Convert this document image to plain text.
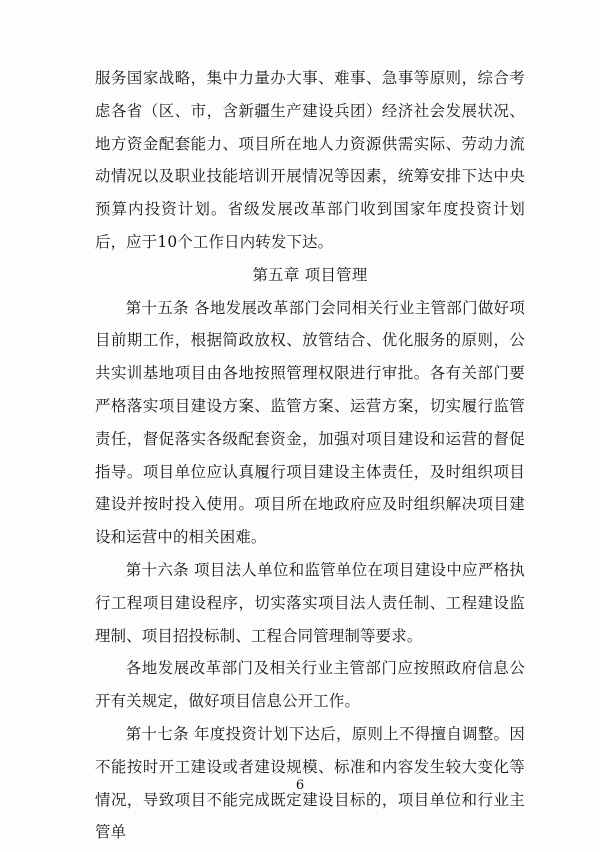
服务国家战略，集中力量办大事、难事、急事等原则，综合考虑各省（区、市，含新疆生产建设兵团）经济社会发展状况、地方资金配套能力、项目所在地人力资源供需实际、劳动力流动情况以及职业技能培训开展情况等因素，统筹安排下达中央预算内投资计划。省级发展改革部门收到国家年度投资计划后，应于10个工作日内转发下达。

第五章 项目管理

第十五条 各地发展改革部门会同相关行业主管部门做好项目前期工作，根据简政放权、放管结合、优化服务的原则，公共实训基地项目由各地按照管理权限进行审批。各有关部门要严格落实项目建设方案、监管方案、运营方案，切实履行监管责任，督促落实各级配套资金，加强对项目建设和运营的督促指导。项目单位应认真履行项目建设主体责任，及时组织项目建设并按时投入使用。项目所在地政府应及时组织解决项目建设和运营中的相关困难。

第十六条 项目法人单位和监管单位在项目建设中应严格执行工程项目建设程序，切实落实项目法人责任制、工程建设监理制、项目招投标制、工程合同管理制等要求。

各地发展改革部门及相关行业主管部门应按照政府信息公开有关规定，做好项目信息公开工作。

第十七条 年度投资计划下达后，原则上不得擅自调整。因不能按时开工建设或者建设规模、标准和内容发生较大变化等情况，导致项目不能完成既定建设目标的，项目单位和行业主管单

6
